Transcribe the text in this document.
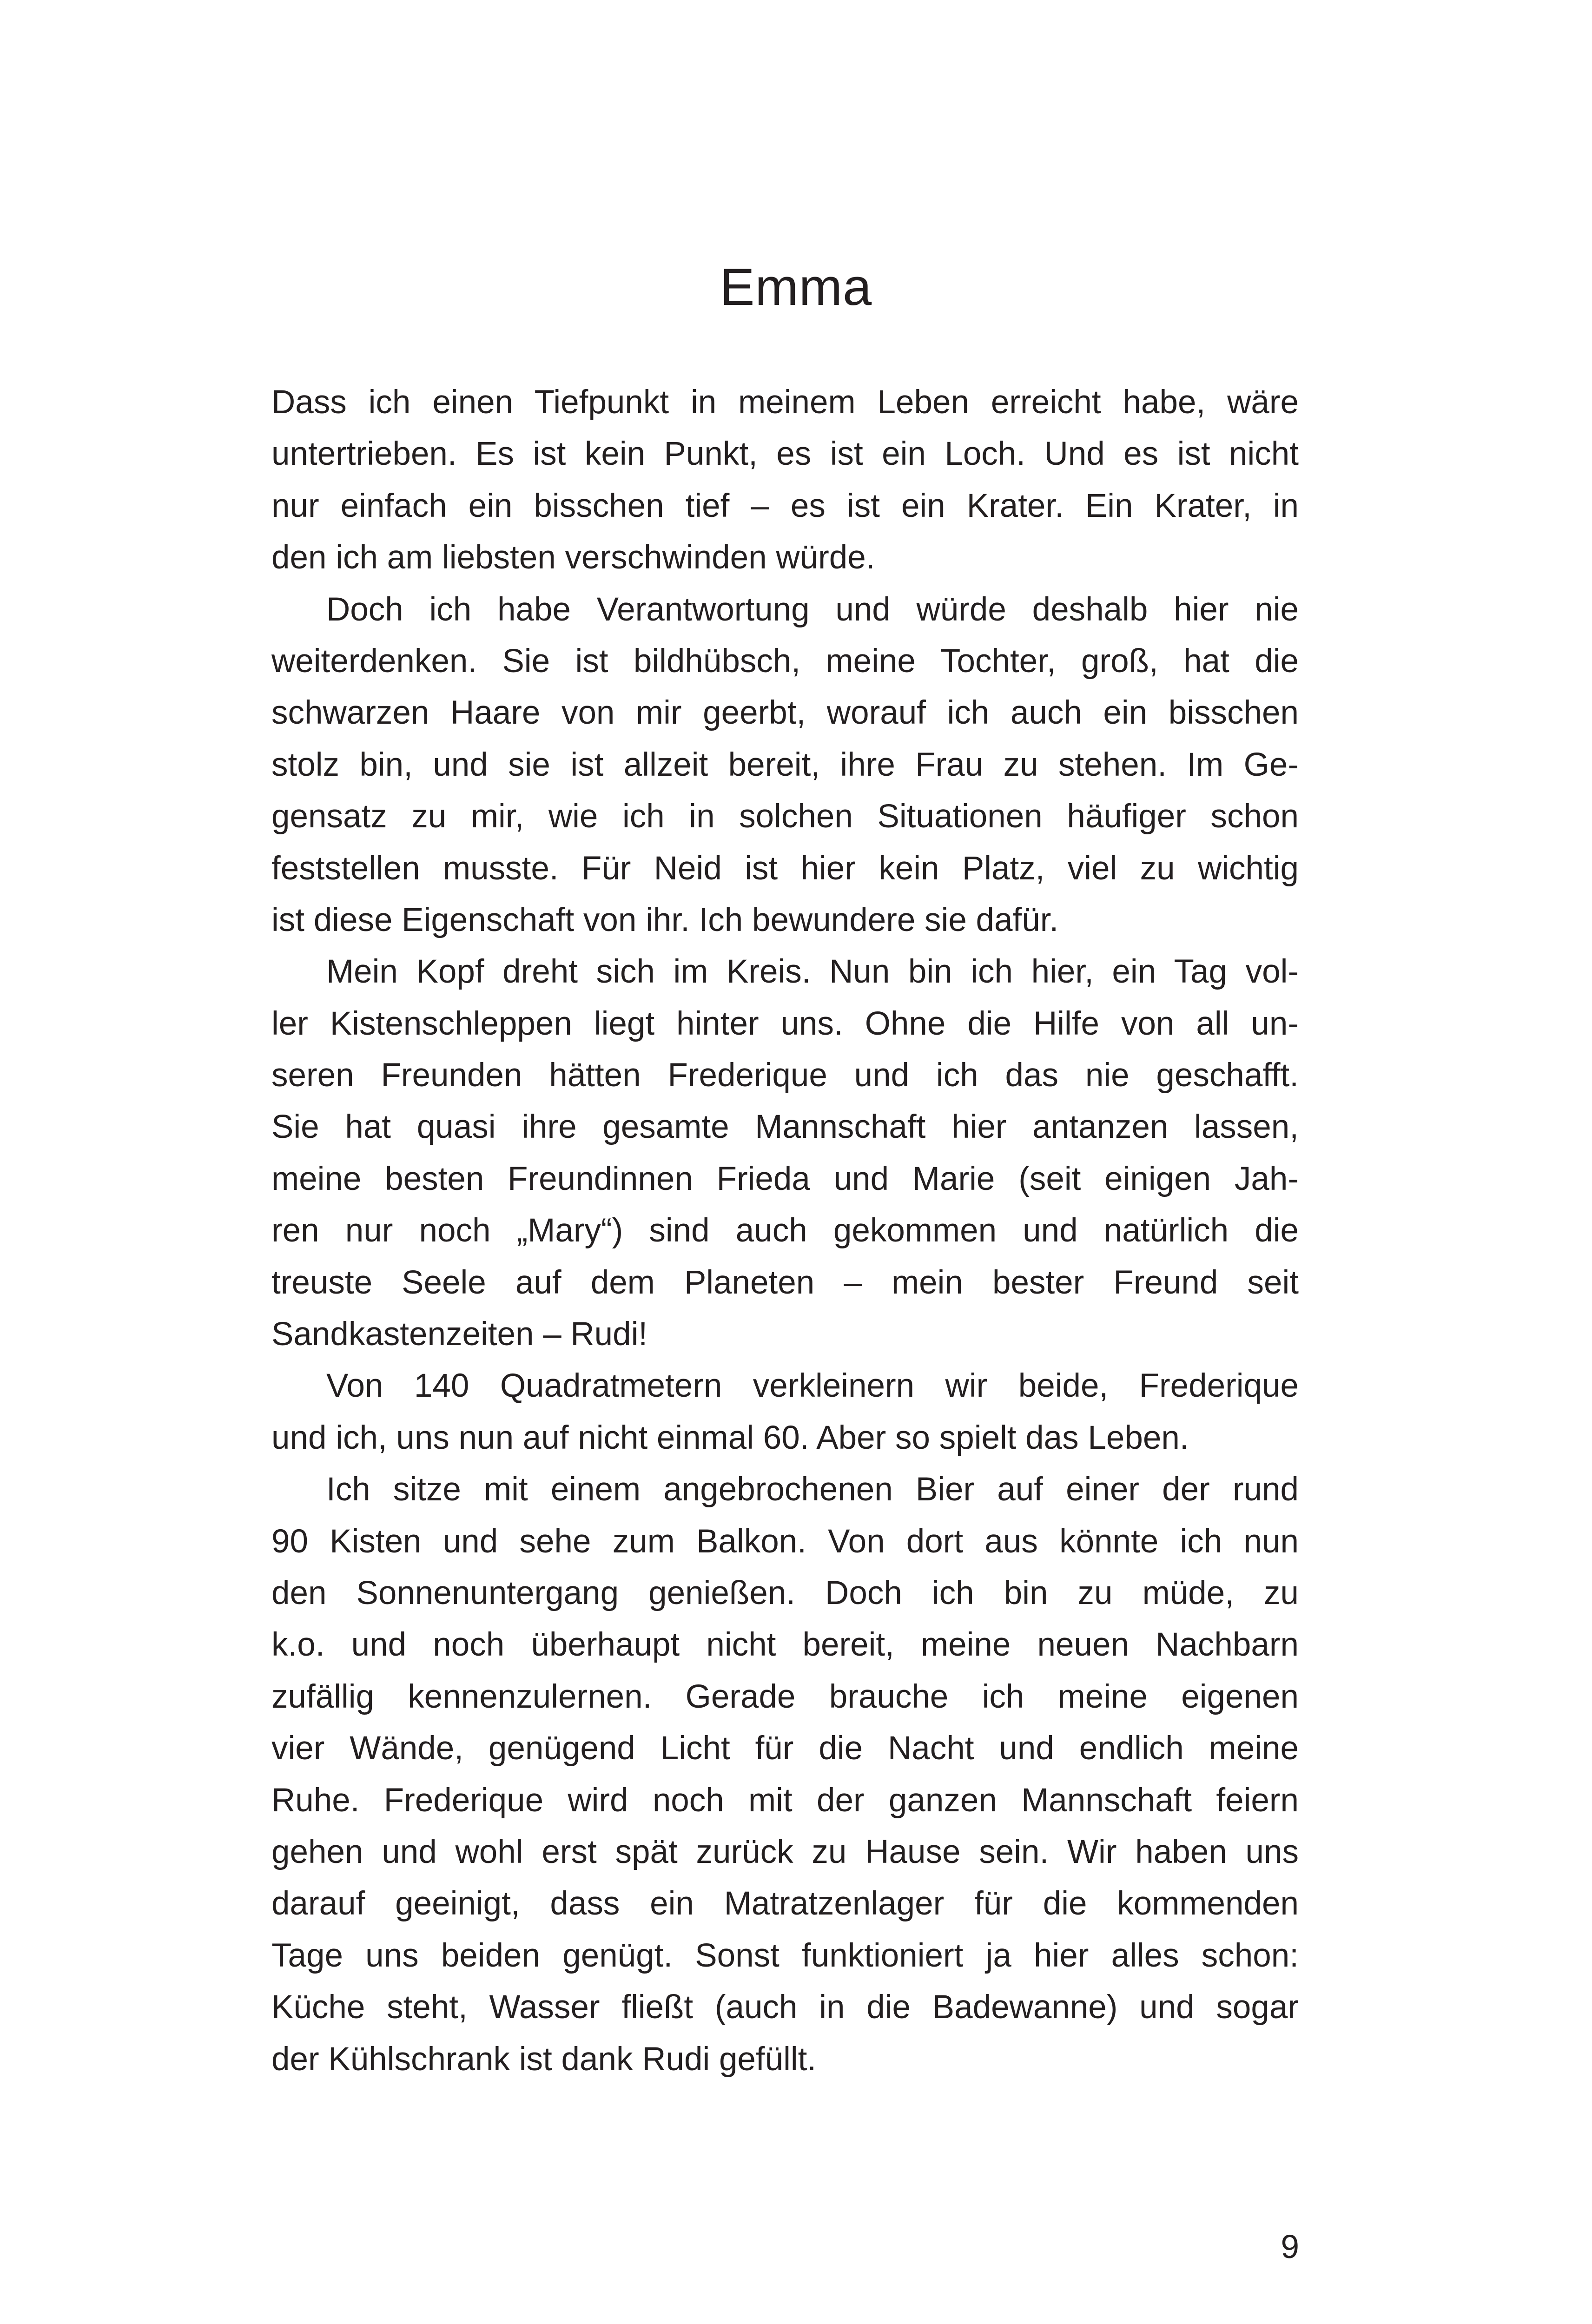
Emma

Dass ich einen Tiefpunkt in meinem Leben erreicht habe, wäre
untertrieben. Es ist kein Punkt, es ist ein Loch. Und es ist nicht
nur einfach ein bisschen tief – es ist ein Krater. Ein Krater, in
den ich am liebsten verschwinden würde.

Doch ich habe Verantwortung und würde deshalb hier nie
weiterdenken. Sie ist bildhübsch, meine Tochter, groß, hat die
schwarzen Haare von mir geerbt, worauf ich auch ein bisschen
stolz bin, und sie ist allzeit bereit, ihre Frau zu stehen. Im Ge-
gensatz zu mir, wie ich in solchen Situationen häufiger schon
feststellen musste. Für Neid ist hier kein Platz, viel zu wichtig
ist diese Eigenschaft von ihr. Ich bewundere sie dafür.

Mein Kopf dreht sich im Kreis. Nun bin ich hier, ein Tag vol-
ler Kistenschleppen liegt hinter uns. Ohne die Hilfe von all un-
seren Freunden hätten Frederique und ich das nie geschafft.
Sie hat quasi ihre gesamte Mannschaft hier antanzen lassen,
meine besten Freundinnen Frieda und Marie (seit einigen Jah-
ren nur noch „Mary“) sind auch gekommen und natürlich die
treuste Seele auf dem Planeten – mein bester Freund seit
Sandkastenzeiten – Rudi!

Von 140 Quadratmetern verkleinern wir beide, Frederique
und ich, uns nun auf nicht einmal 60. Aber so spielt das Leben.

Ich sitze mit einem angebrochenen Bier auf einer der rund
90 Kisten und sehe zum Balkon. Von dort aus könnte ich nun
den Sonnenuntergang genießen. Doch ich bin zu müde, zu
k.o. und noch überhaupt nicht bereit, meine neuen Nachbarn
zufällig kennenzulernen. Gerade brauche ich meine eigenen
vier Wände, genügend Licht für die Nacht und endlich meine
Ruhe. Frederique wird noch mit der ganzen Mannschaft feiern
gehen und wohl erst spät zurück zu Hause sein. Wir haben uns
darauf geeinigt, dass ein Matratzenlager für die kommenden
Tage uns beiden genügt. Sonst funktioniert ja hier alles schon:
Küche steht, Wasser fließt (auch in die Badewanne) und sogar
der Kühlschrank ist dank Rudi gefüllt.

9
